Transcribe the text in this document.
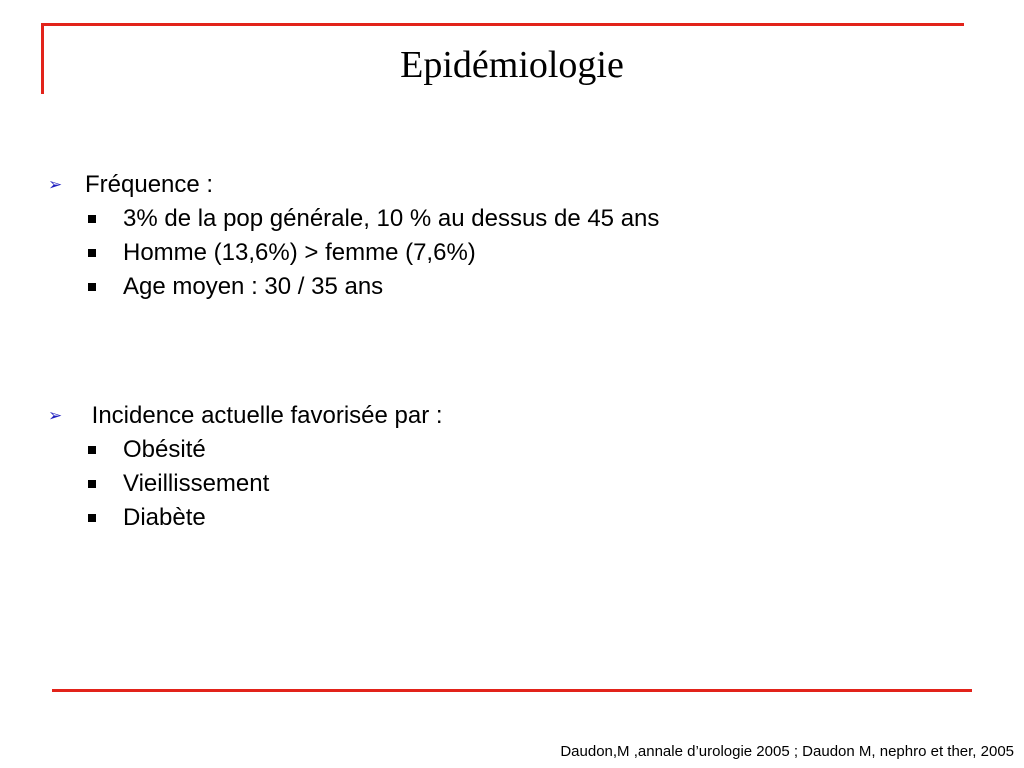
Epidémiologie
➢ Fréquence :
3% de la pop générale, 10 % au dessus de 45 ans
Homme (13,6%) > femme (7,6%)
Age moyen : 30 / 35 ans
➢ Incidence actuelle favorisée par :
Obésité
Vieillissement
Diabète
Daudon,M ,annale d’urologie 2005 ; Daudon M, nephro et ther, 2005
